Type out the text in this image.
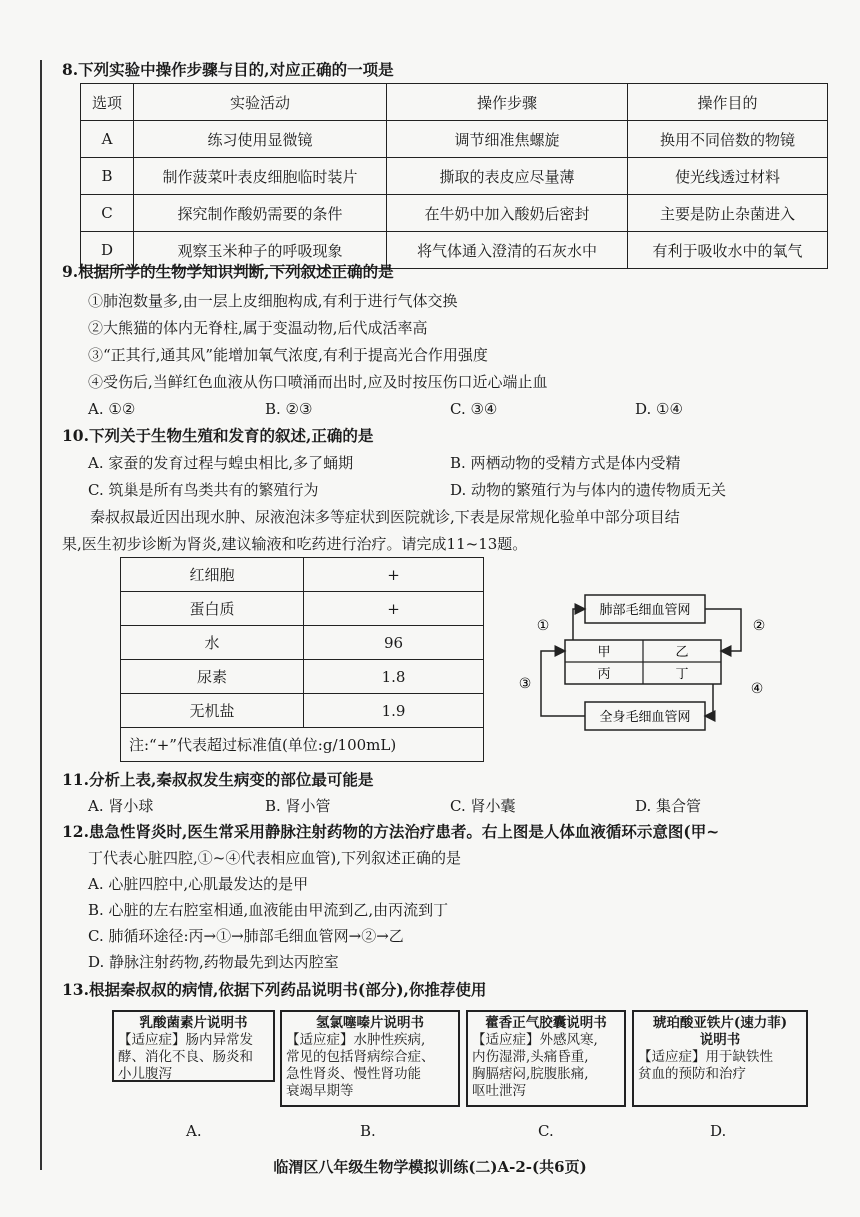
8.下列实验中操作步骤与目的,对应正确的一项是
选项	实验活动	操作步骤	操作目的
A	练习使用显微镜	调节细准焦螺旋	换用不同倍数的物镜
B	制作菠菜叶表皮细胞临时装片	撕取的表皮应尽量薄	使光线透过材料
C	探究制作酸奶需要的条件	在牛奶中加入酸奶后密封	主要是防止杂菌进入
D	观察玉米种子的呼吸现象	将气体通入澄清的石灰水中	有利于吸收水中的氧气
9.根据所学的生物学知识判断,下列叙述正确的是
①肺泡数量多,由一层上皮细胞构成,有利于进行气体交换
②大熊猫的体内无脊柱,属于变温动物,后代成活率高
③“正其行,通其风”能增加氧气浓度,有利于提高光合作用强度
④受伤后,当鲜红色血液从伤口喷涌而出时,应及时按压伤口近心端止血
A. ①②	B. ②③	C. ③④	D. ①④
10.下列关于生物生殖和发育的叙述,正确的是
A. 家蚕的发育过程与蝗虫相比,多了蛹期	B. 两栖动物的受精方式是体内受精
C. 筑巢是所有鸟类共有的繁殖行为	D. 动物的繁殖行为与体内的遗传物质无关
秦叔叔最近因出现水肿、尿液泡沫多等症状到医院就诊,下表是尿常规化验单中部分项目结
果,医生初步诊断为肾炎,建议输液和吃药进行治疗。请完成11~13题。
红细胞	+
蛋白质	+
水	96
尿素	1.8
无机盐	1.9
注:“+”代表超过标准值(单位:g/100mL)	
肺部毛细血管网
全身毛细血管网
甲	乙
丙	丁
①	②
③	④
11.分析上表,秦叔叔发生病变的部位最可能是
A. 肾小球	B. 肾小管	C. 肾小囊	D. 集合管
12.患急性肾炎时,医生常采用静脉注射药物的方法治疗患者。右上图是人体血液循环示意图(甲~
丁代表心脏四腔,①~④代表相应血管),下列叙述正确的是
A. 心脏四腔中,心肌最发达的是甲
B. 心脏的左右腔室相通,血液能由甲流到乙,由丙流到丁
C. 肺循环途径:丙→①→肺部毛细血管网→②→乙
D. 静脉注射药物,药物最先到达丙腔室
13.根据秦叔叔的病情,依据下列药品说明书(部分),你推荐使用
乳酸菌素片说明书
【适应症】肠内异常发
酵、消化不良、肠炎和
小儿腹泻
氢氯噻嗪片说明书
【适应症】水肿性疾病,
常见的包括肾病综合症、
急性肾炎、慢性肾功能
衰竭早期等
藿香正气胶囊说明书
【适应症】外感风寒,
内伤湿滞,头痛昏重,
胸膈痞闷,脘腹胀痛,
呕吐泄泻
琥珀酸亚铁片(速力菲)
说明书
【适应症】用于缺铁性
贫血的预防和治疗
A.	B.	C.	D.
临渭区八年级生物学模拟训练(二)A-2-(共6页)
